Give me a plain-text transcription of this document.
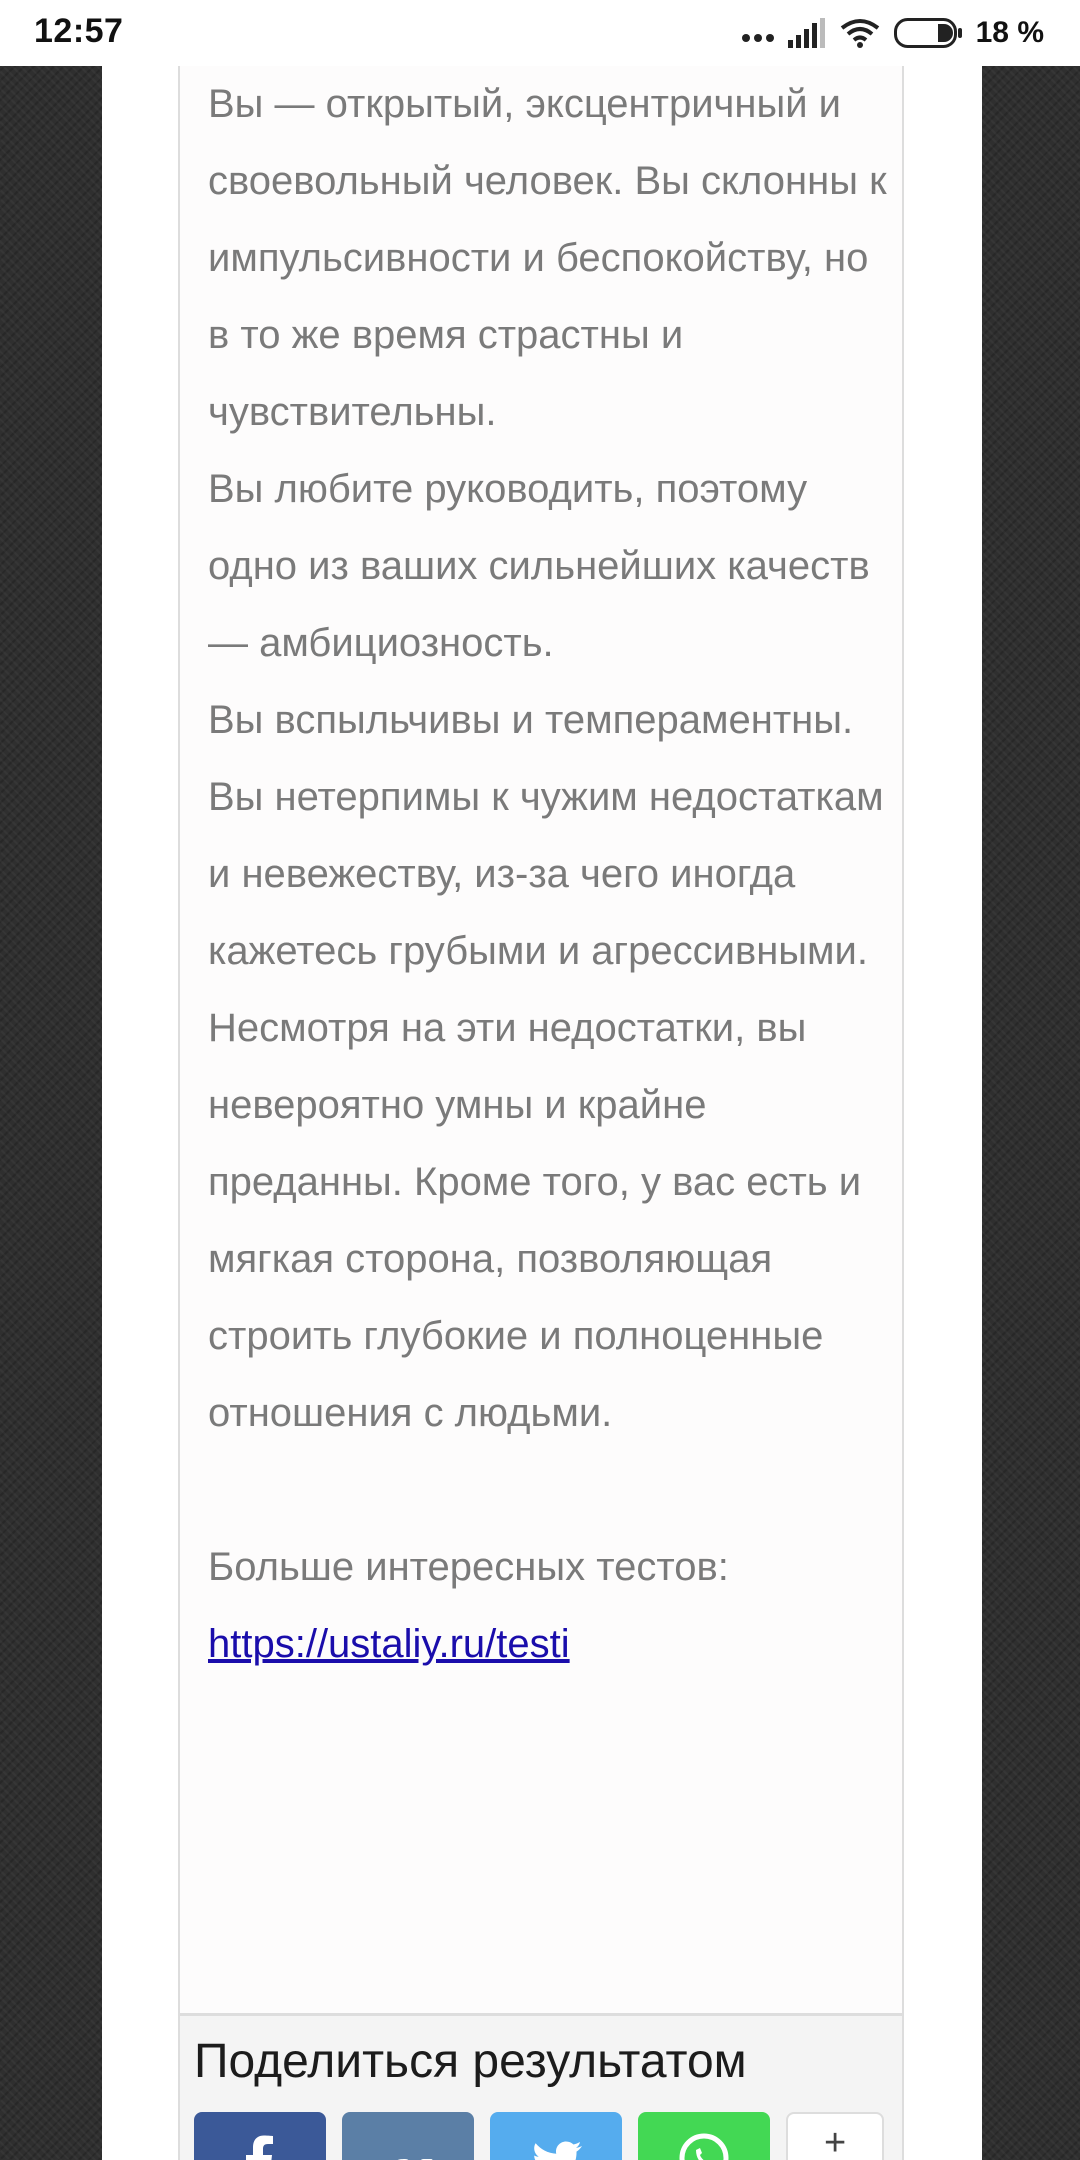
12:57	18 %

Вы — открытый, эксцентричный и своевольный человек. Вы склонны к импульсивности и беспокойству, но в то же время страстны и чувствительны.

Вы любите руководить, поэтому одно из ваших сильнейших качеств — амбициозность.

Вы вспыльчивы и темпераментны. Вы нетерпимы к чужим недостаткам и невежеству, из-за чего иногда кажетесь грубыми и агрессивными.

Несмотря на эти недостатки, вы невероятно умны и крайне преданны. Кроме того, у вас есть и мягкая сторона, позволяющая строить глубокие и полноценные отношения с людьми.

Больше интересных тестов:

https://ustaliy.ru/testi

Поделиться результатом
+
